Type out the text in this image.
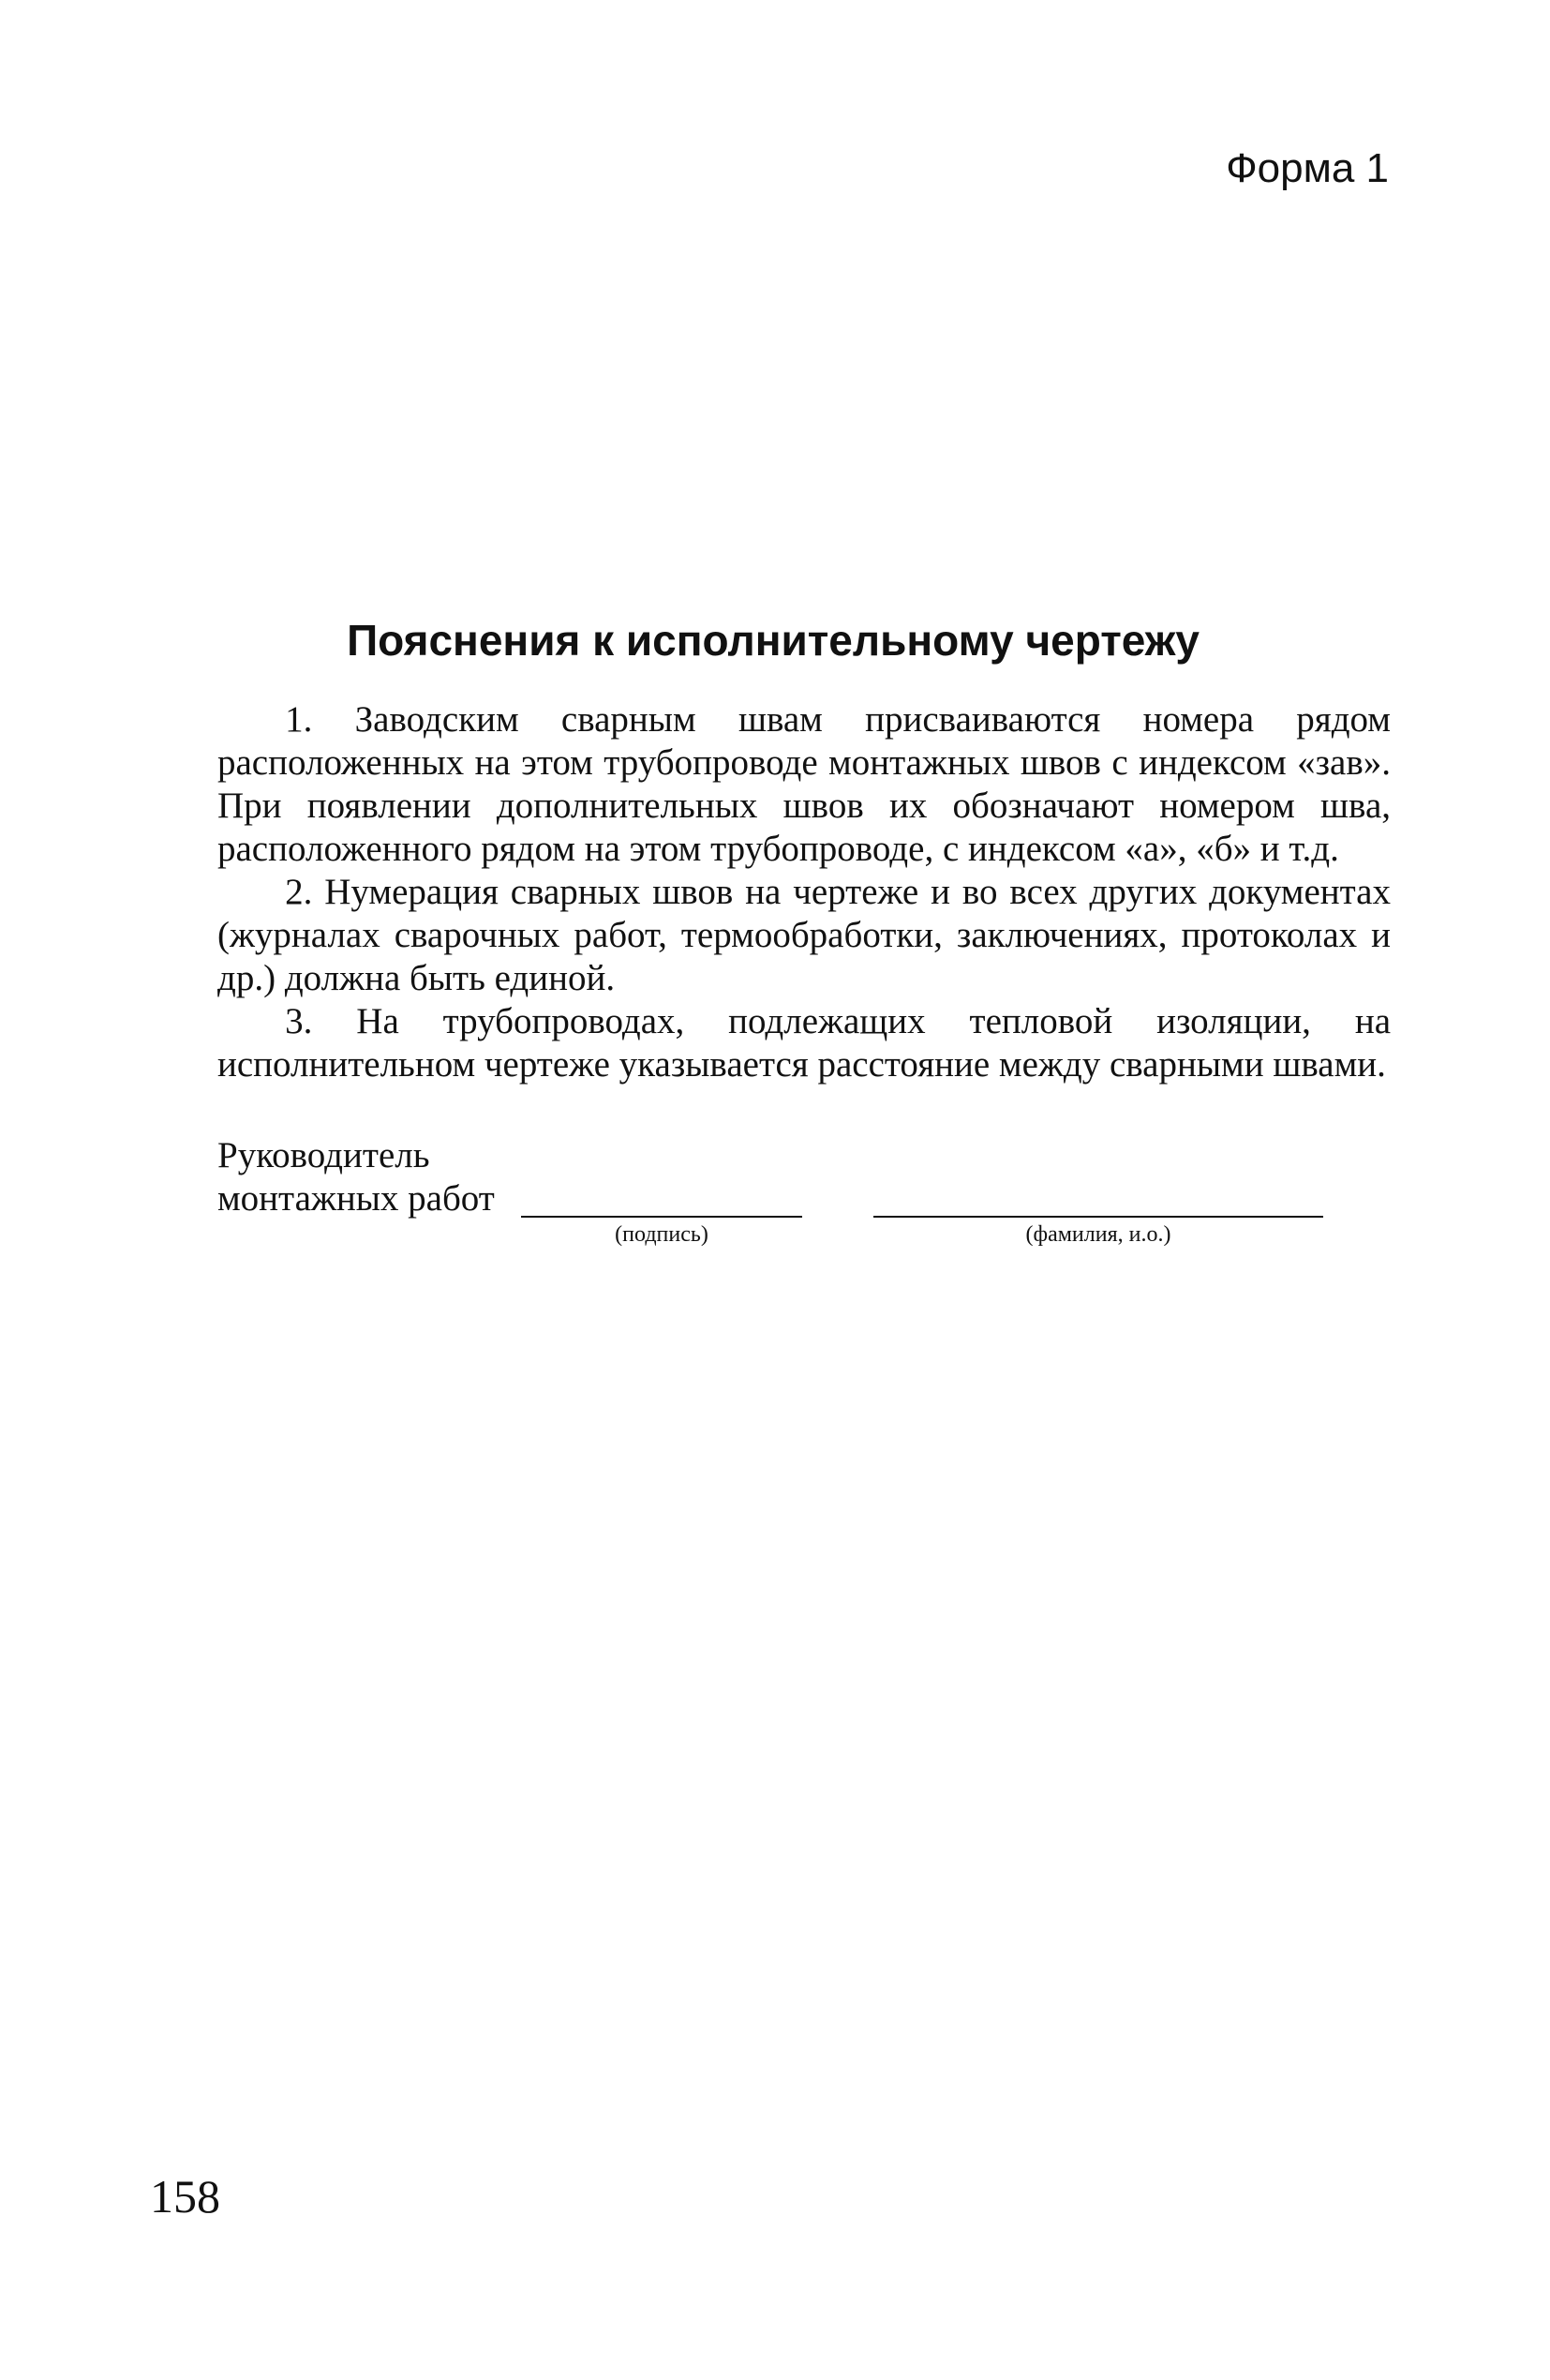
Форма 1
Пояснения к исполнительному чертежу

1. Заводским сварным швам присваиваются номера рядом расположенных на этом трубопроводе монтажных швов с индексом «зав». При появлении дополнительных швов их обозначают номером шва, расположенного рядом на этом трубопроводе, с индексом «а», «б» и т.д.

2. Нумерация сварных швов на чертеже и во всех других документах (журналах сварочных работ, термообработки, заключениях, протоколах и др.) должна быть единой.

3. На трубопроводах, подлежащих тепловой изоляции, на исполнительном чертеже указывается расстояние между сварными швами.

Руководитель
монтажных работ
(подпись)	(фамилия, и.о.)
158
